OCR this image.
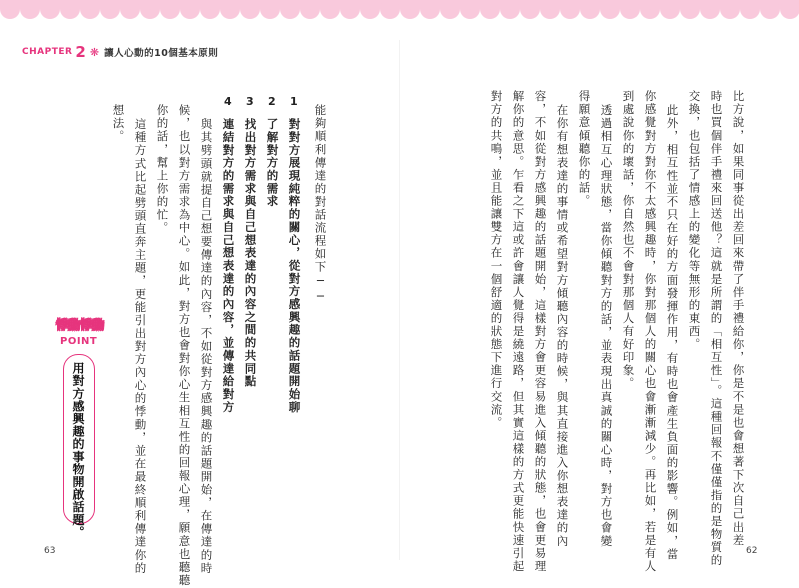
CHAPTER 2 ❋ 讓人心動的10個基本原則
比方說，如果同事從出差回來帶了伴手禮給你，你是不是也會想著下次自己出差
時也買個伴手禮來回送他？這就是所謂的「相互性」。這種回報不僅僅指的是物質的
交換，也包括了情感上的變化等無形的東西。
此外，相互性並不只在好的方面發揮作用，有時也會產生負面的影響。例如，當
你感覺對方對你不太感興趣時，你對那個人的關心也會漸漸減少。再比如，若是有人
到處說你的壞話，你自然也不會對那個人有好印象。
透過相互心理狀態，當你傾聽對方的話，並表現出真誠的關心時，對方也會變
得願意傾聽你的話。
在你有想表達的事情或希望對方傾聽內容的時候，與其直接進入你想表達的內
容，不如從對方感興趣的話題開始，這樣對方會更容易進入傾聽的狀態，也會更易理
解你的意思。乍看之下這或許會讓人覺得是繞遠路，但其實這樣的方式更能快速引起
對方的共鳴，並且能讓雙方在一個舒適的狀態下進行交流。
62
能夠順利傳達的對話流程如下──
1
對對方展現純粹的關心，從對方感興趣的話題開始聊
2
了解對方的需求
3
找出對方需求與自己想表達的內容之間的共同點
4
連結對方的需求與自己想表達的內容，並傳達給對方
與其劈頭就提自己想要傳達的內容，不如從對方感興趣的話題開始，在傳達的時
候，也以對方需求為中心。如此，對方也會對你心生相互性的回報心理，願意也聽聽
你的話，幫上你的忙。
這種方式比起劈頭直奔主題，更能引出對方內心的悸動，並在最終順利傳達你的
想法。
悸動悸動
POINT
用對方感興趣的事物開啟話題。
63
